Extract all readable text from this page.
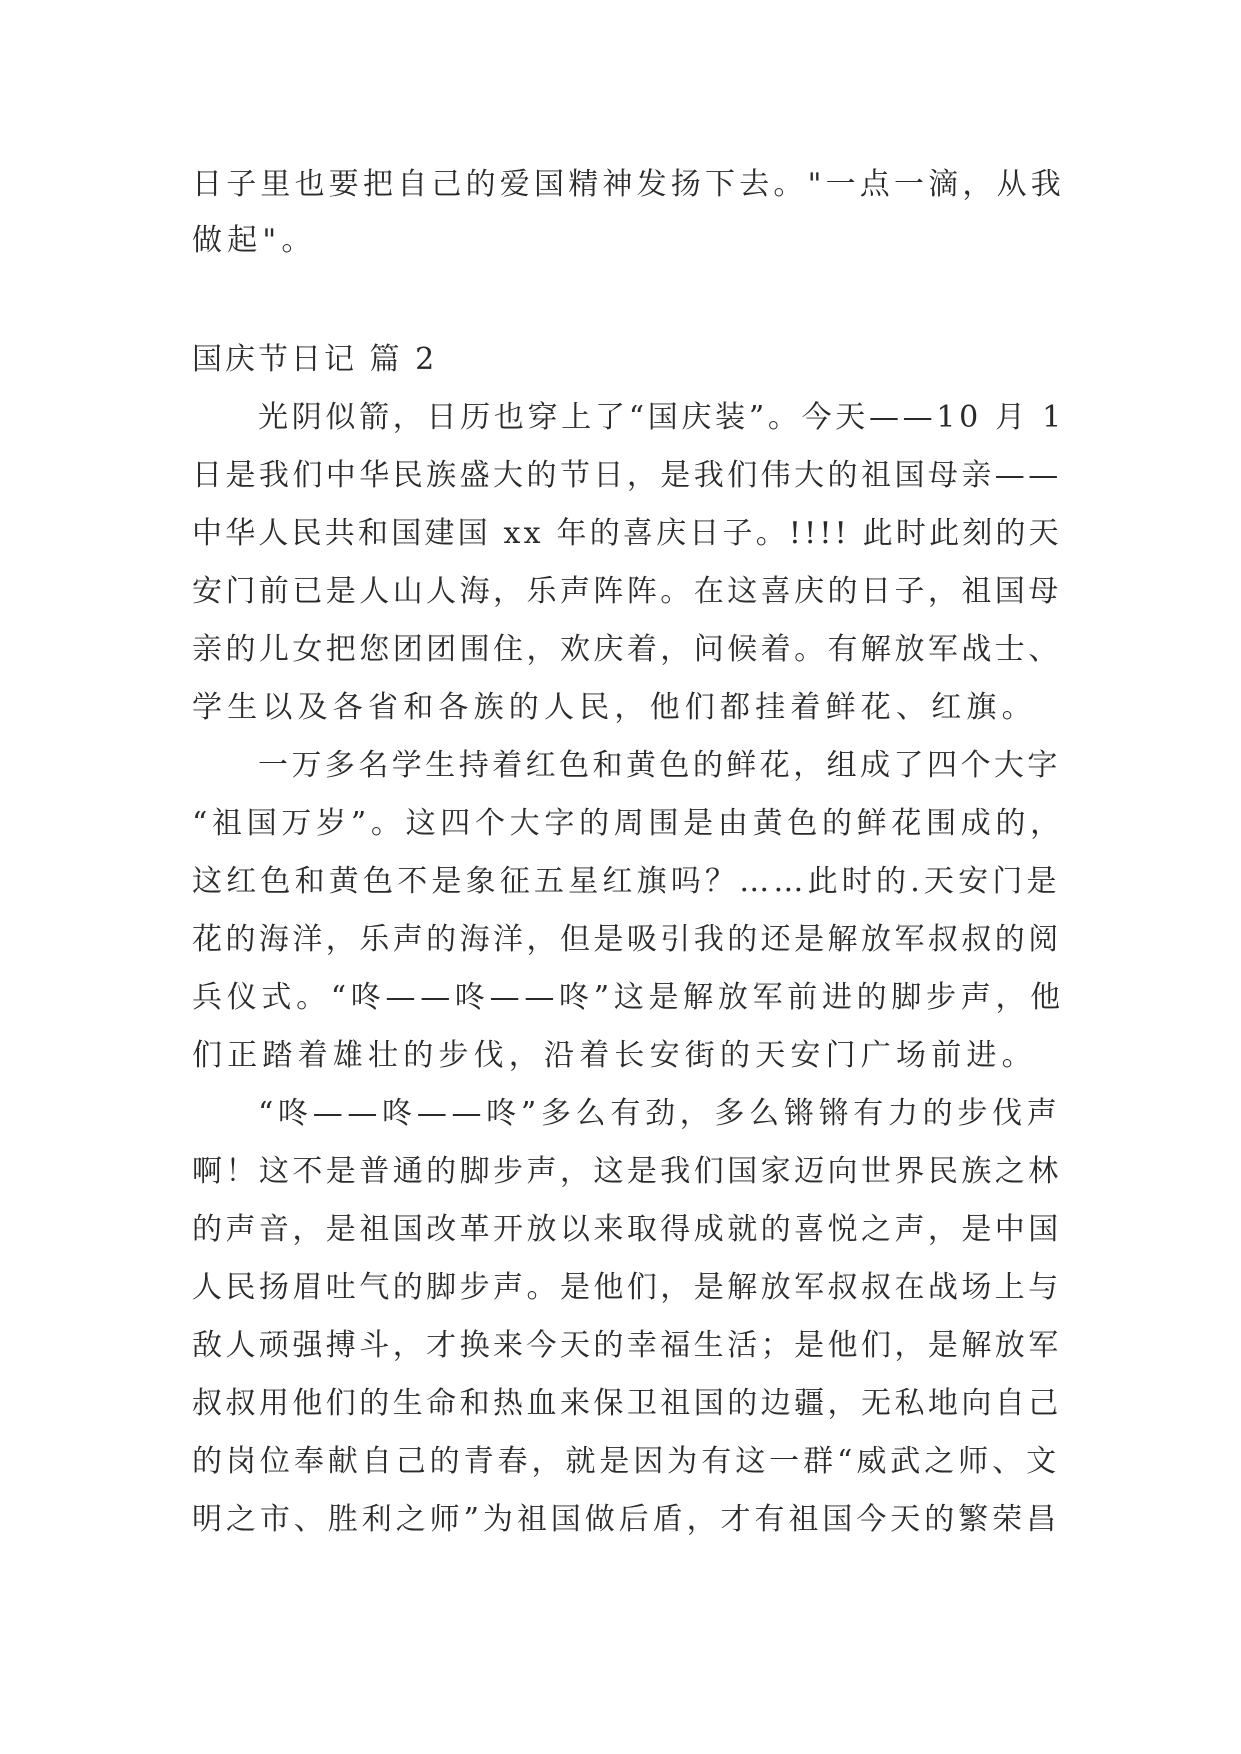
日子里也要把自己的爱国精神发扬下去。"一点一滴，从我
做起"。
国庆节日记 篇 2
光阴似箭，日历也穿上了“国庆装”。今天——10 月 1
日是我们中华民族盛大的节日，是我们伟大的祖国母亲——
中华人民共和国建国 xx 年的喜庆日子。!!!! 此时此刻的天
安门前已是人山人海，乐声阵阵。在这喜庆的日子，祖国母
亲的儿女把您团团围住，欢庆着，问候着。有解放军战士、
学生以及各省和各族的人民，他们都挂着鲜花、红旗。
一万多名学生持着红色和黄色的鲜花，组成了四个大字
“祖国万岁”。这四个大字的周围是由黄色的鲜花围成的，
这红色和黄色不是象征五星红旗吗？……此时的.天安门是
花的海洋，乐声的海洋，但是吸引我的还是解放军叔叔的阅
兵仪式。“咚——咚——咚”这是解放军前进的脚步声，他
们正踏着雄壮的步伐，沿着长安街的天安门广场前进。
“咚——咚——咚”多么有劲，多么锵锵有力的步伐声
啊！这不是普通的脚步声，这是我们国家迈向世界民族之林
的声音，是祖国改革开放以来取得成就的喜悦之声，是中国
人民扬眉吐气的脚步声。是他们，是解放军叔叔在战场上与
敌人顽强搏斗，才换来今天的幸福生活；是他们，是解放军
叔叔用他们的生命和热血来保卫祖国的边疆，无私地向自己
的岗位奉献自己的青春，就是因为有这一群“威武之师、文
明之市、胜利之师”为祖国做后盾，才有祖国今天的繁荣昌
